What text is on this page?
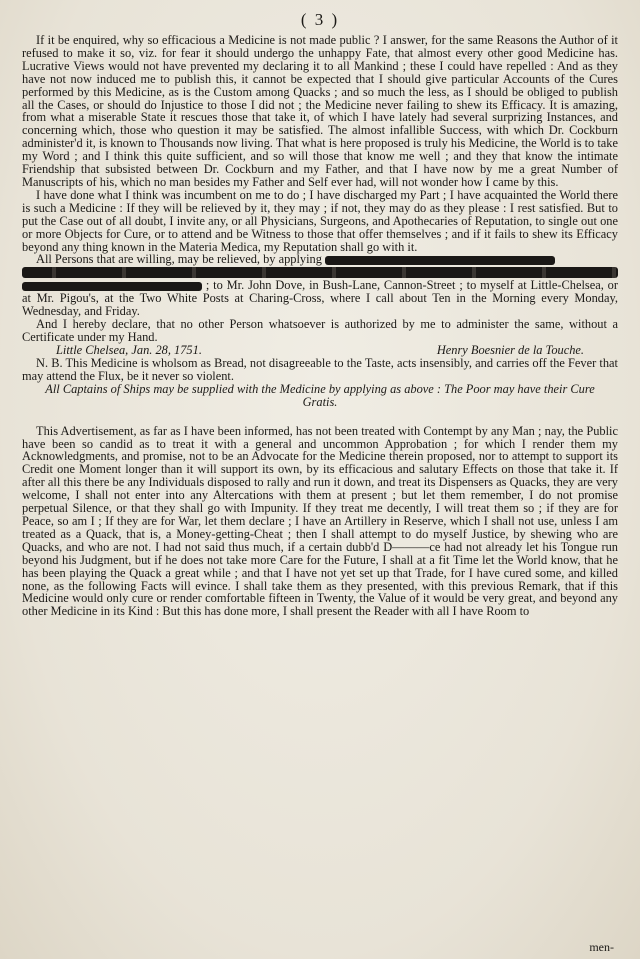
( 3 )

If it be enquired, why so efficacious a Medicine is not made public ? I answer, for the same Reasons the Author of it refused to make it so, viz. for fear it should undergo the unhappy Fate, that almost every other good Medicine has. Lucrative Views would not have prevented my declaring it to all Mankind ; these I could have repelled : And as they have not now induced me to publish this, it cannot be expected that I should give particular Accounts of the Cures performed by this Medicine, as is the Custom among Quacks ; and so much the less, as I should be obliged to publish all the Cases, or should do Injustice to those I did not ; the Medicine never failing to shew its Efficacy. It is amazing, from what a miserable State it rescues those that take it, of which I have lately had several surprizing Instances, and concerning which, those who question it may be satisfied. The almost infallible Success, with which Dr. Cockburn administer'd it, is known to Thousands now living. That what is here proposed is truly his Medicine, the World is to take my Word ; and I think this quite sufficient, and so will those that know me well ; and they that know the intimate Friendship that subsisted between Dr. Cockburn and my Father, and that I have now by me a great Number of Manuscripts of his, which no man besides my Father and Self ever had, will not wonder how I came by this.

I have done what I think was incumbent on me to do ; I have discharged my Part ; I have acquainted the World there is such a Medicine : If they will be relieved by it, they may ; if not, they may do as they please : I rest satisfied. But to put the Case out of all doubt, I invite any, or all Physicians, Surgeons, and Apothecaries of Reputation, to single out one or more Objects for Cure, or to attend and be Witness to those that offer themselves ; and if it fails to shew its Efficacy beyond any thing known in the Materia Medica, my Reputation shall go with it.

All Persons that are willing, may be relieved, by applying

; to Mr. John Dove, in Bush-Lane, Cannon-Street ; to myself at Little-Chelsea, or at Mr. Pigou's, at the Two White Posts at Charing-Cross, where I call about Ten in the Morning every Monday, Wednesday, and Friday.

And I hereby declare, that no other Person whatsoever is authorized by me to administer the same, without a Certificate under my Hand.

Little Chelsea, Jan. 28, 1751.	Henry Boesnier de la Touche.

N. B. This Medicine is wholsom as Bread, not disagreeable to the Taste, acts insensibly, and carries off the Fever that may attend the Flux, be it never so violent.

All Captains of Ships may be supplied with the Medicine by applying as above : The Poor may have their Cure Gratis.

This Advertisement, as far as I have been informed, has not been treated with Contempt by any Man ; nay, the Public have been so candid as to treat it with a general and uncommon Approbation ; for which I render them my Acknowledgments, and promise, not to be an Advocate for the Medicine therein proposed, nor to attempt to support its Credit one Moment longer than it will support its own, by its efficacious and salutary Effects on those that take it. If after all this there be any Individuals disposed to rally and run it down, and treat its Dispensers as Quacks, they are very welcome, I shall not enter into any Altercations with them at present ; but let them remember, I do not promise perpetual Silence, or that they shall go with Impunity. If they treat me decently, I will treat them so ; if they are for Peace, so am I ; If they are for War, let them declare ; I have an Artillery in Reserve, which I shall not use, unless I am treated as a Quack, that is, a Money-getting-Cheat ; then I shall attempt to do myself Justice, by shewing who are Quacks, and who are not. I had not said thus much, if a certain dubb'd D———ce had not already let his Tongue run beyond his Judgment, but if he does not take more Care for the Future, I shall at a fit Time let the World know, that he has been playing the Quack a great while ; and that I have not yet set up that Trade, for I have cured some, and killed none, as the following Facts will evince. I shall take them as they presented, with this previous Remark, that if this Medicine would only cure or render comfortable fifteen in Twenty, the Value of it would be very great, and beyond any other Medicine in its Kind : But this has done more, I shall present the Reader with all I have Room to

men-
